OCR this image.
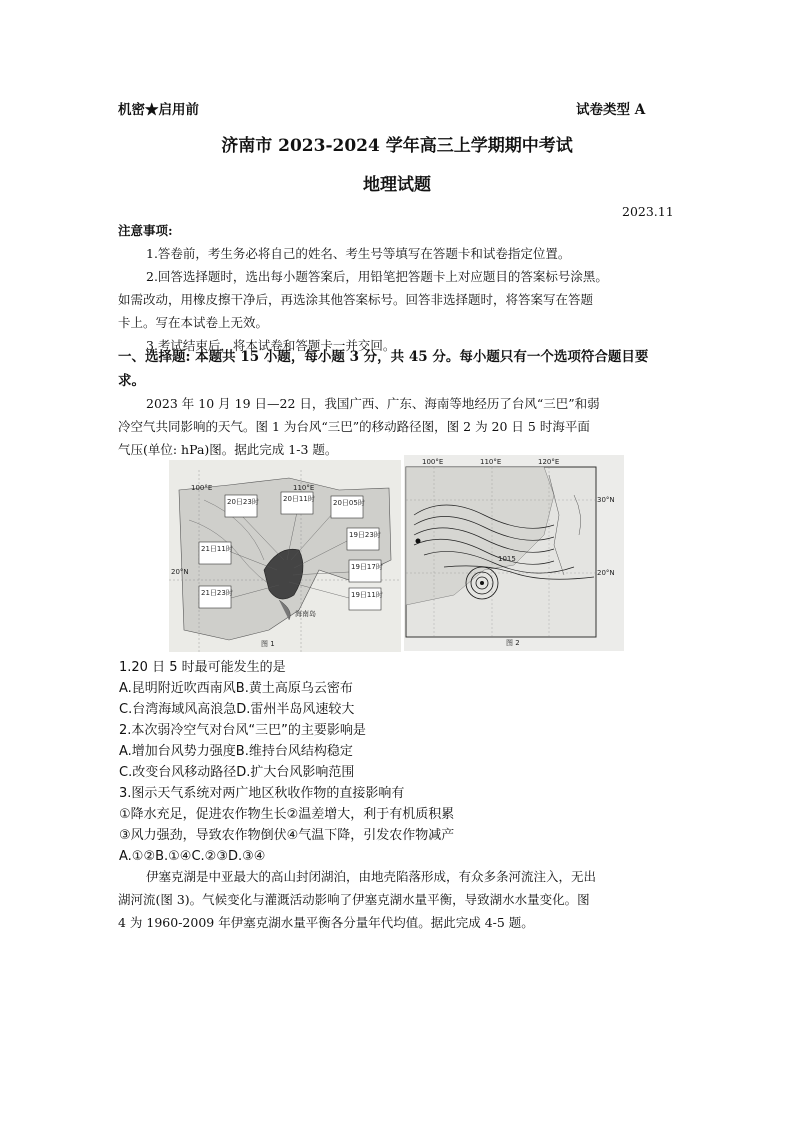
机密★启用前	试卷类型 A
济南市 2023-2024 学年高三上学期期中考试
地理试题
2023.11
注意事项:
1.答卷前，考生务必将自己的姓名、考生号等填写在答题卡和试卷指定位置。
2.回答选择题时，选出每小题答案后，用铅笔把答题卡上对应题目的答案标号涂黑。
如需改动，用橡皮擦干净后，再选涂其他答案标号。回答非选择题时，将答案写在答题
卡上。写在本试卷上无效。
3.考试结束后，将本试卷和答题卡一并交回。
一、选择题: 本题共 15 小题，每小题 3 分，共 45 分。每小题只有一个选项符合题目要
求。
2023 年 10 月 19 日—22 日，我国广西、广东、海南等地经历了台风“三巴”和弱
冷空气共同影响的天气。图 1 为台风“三巴”的移动路径图，图 2 为 20 日 5 时海平面
气压(单位: hPa)图。据此完成 1-3 题。
100°E	110°E
20°N
海南岛
20日23时	20日11时	20日05时
19日23时
19日17时
19日11时
21日11时
21日23时
图 1
100°E	110°E	120°E
30°N
20°N
1015
图 2
1.20 日 5 时最可能发生的是
A.昆明附近吹西南风B.黄土高原乌云密布
C.台湾海域风高浪急D.雷州半岛风速较大
2.本次弱冷空气对台风“三巴”的主要影响是
A.增加台风势力强度B.维持台风结构稳定
C.改变台风移动路径D.扩大台风影响范围
3.图示天气系统对两广地区秋收作物的直接影响有
①降水充足，促进农作物生长②温差增大，利于有机质积累
③风力强劲，导致农作物倒伏④气温下降，引发农作物减产
A.①②B.①④C.②③D.③④
伊塞克湖是中亚最大的高山封闭湖泊，由地壳陷落形成，有众多条河流注入，无出
湖河流(图 3)。气候变化与灌溉活动影响了伊塞克湖水量平衡，导致湖水水量变化。图
4 为 1960-2009 年伊塞克湖水量平衡各分量年代均值。据此完成 4-5 题。
